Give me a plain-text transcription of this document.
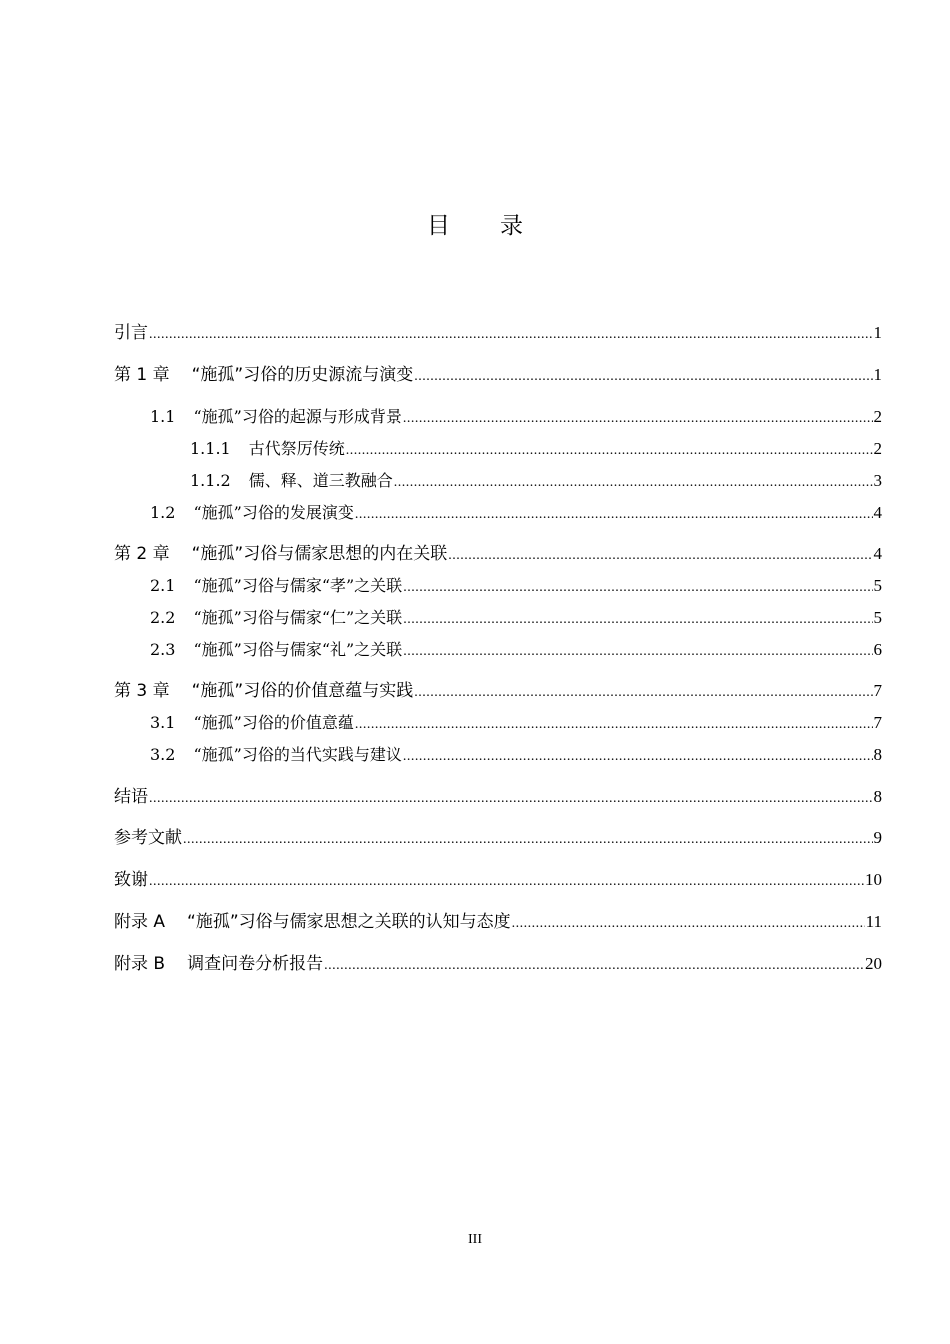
目录
引言 .....	1
第 1 章 “施孤”习俗的历史源流与演变 .....	1
1.1 “施孤”习俗的起源与形成背景 .....	2
1.1.1 古代祭厉传统 .....	2
1.1.2 儒、释、道三教融合 .....	3
1.2 “施孤”习俗的发展演变 .....	4
第 2 章 “施孤”习俗与儒家思想的内在关联 .....	4
2.1 “施孤”习俗与儒家“孝”之关联 .....	5
2.2 “施孤”习俗与儒家“仁”之关联 .....	5
2.3 “施孤”习俗与儒家“礼”之关联 .....	6
第 3 章 “施孤”习俗的价值意蕴与实践 .....	7
3.1 “施孤”习俗的价值意蕴 .....	7
3.2 “施孤”习俗的当代实践与建议 .....	8
结语 .....	8
参考文献 .....	9
致谢 .....	10
附录 A “施孤”习俗与儒家思想之关联的认知与态度 .....	11
附录 B 调查问卷分析报告 .....	20
III
